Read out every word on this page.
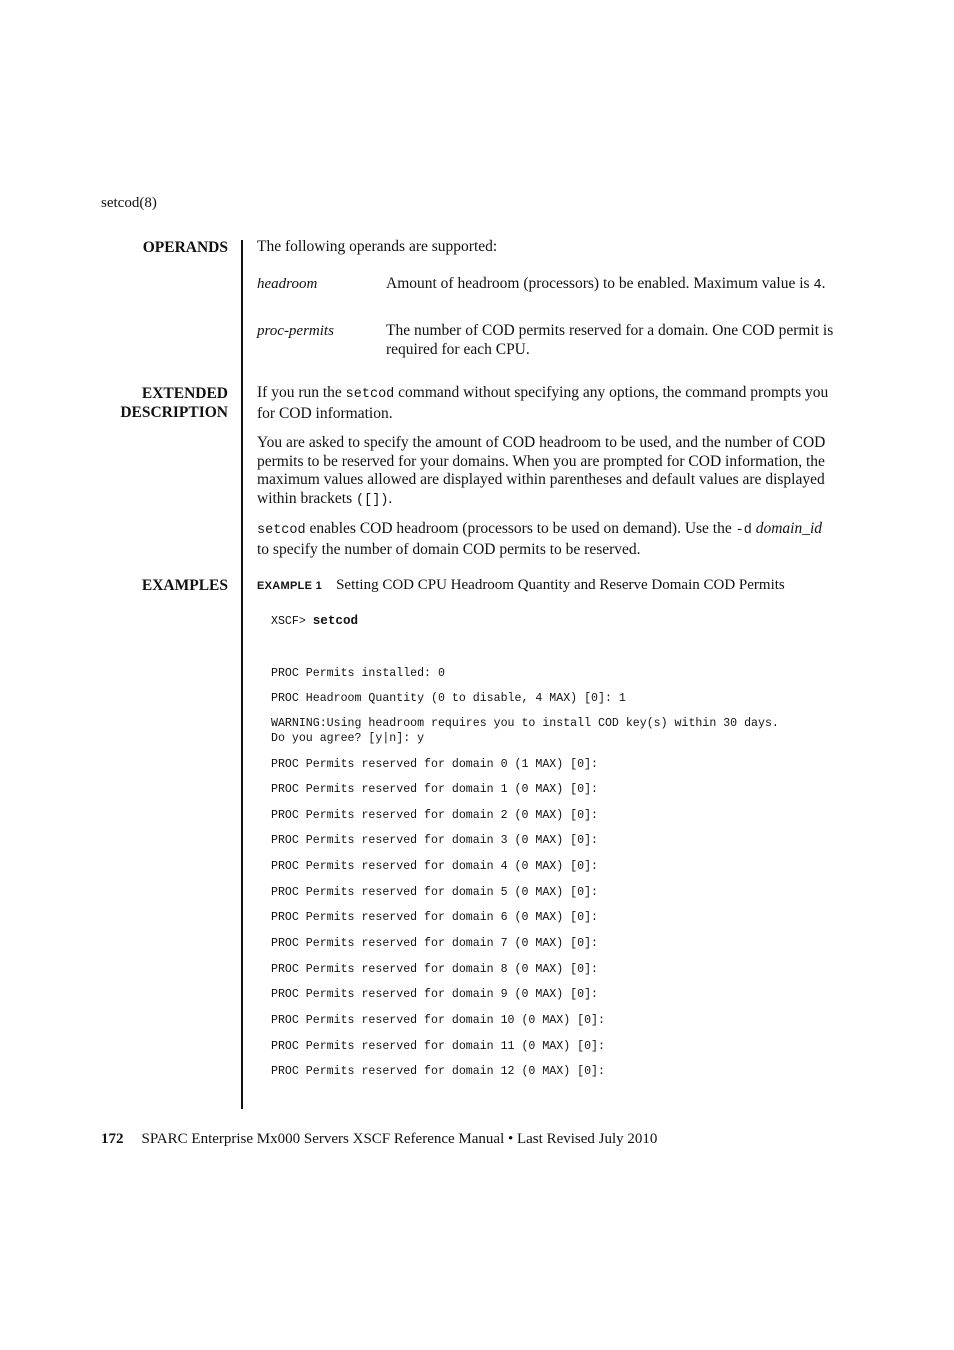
setcod(8)
OPERANDS The following operands are supported:
headroom	Amount of headroom (processors) to be enabled. Maximum value is 4.
proc-permits	The number of COD permits reserved for a domain. One COD permit is required for each CPU.
EXTENDED
DESCRIPTION
If you run the setcod command without specifying any options, the command prompts you for COD information.
You are asked to specify the amount of COD headroom to be used, and the number of COD permits to be reserved for your domains. When you are prompted for COD information, the maximum values allowed are displayed within parentheses and default values are displayed within brackets ([]).
setcod enables COD headroom (processors to be used on demand). Use the -d domain_id to specify the number of domain COD permits to be reserved.
EXAMPLES	EXAMPLE 1 Setting COD CPU Headroom Quantity and Reserve Domain COD Permits
XSCF> setcod
PROC Permits installed: 0
PROC Headroom Quantity (0 to disable, 4 MAX) [0]: 1
WARNING:Using headroom requires you to install COD key(s) within 30 days.
Do you agree? [y|n]: y
PROC Permits reserved for domain 0 (1 MAX) [0]:
PROC Permits reserved for domain 1 (0 MAX) [0]:
PROC Permits reserved for domain 2 (0 MAX) [0]:
PROC Permits reserved for domain 3 (0 MAX) [0]:
PROC Permits reserved for domain 4 (0 MAX) [0]:
PROC Permits reserved for domain 5 (0 MAX) [0]:
PROC Permits reserved for domain 6 (0 MAX) [0]:
PROC Permits reserved for domain 7 (0 MAX) [0]:
PROC Permits reserved for domain 8 (0 MAX) [0]:
PROC Permits reserved for domain 9 (0 MAX) [0]:
PROC Permits reserved for domain 10 (0 MAX) [0]:
PROC Permits reserved for domain 11 (0 MAX) [0]:
PROC Permits reserved for domain 12 (0 MAX) [0]:
172 SPARC Enterprise Mx000 Servers XSCF Reference Manual • Last Revised July 2010
